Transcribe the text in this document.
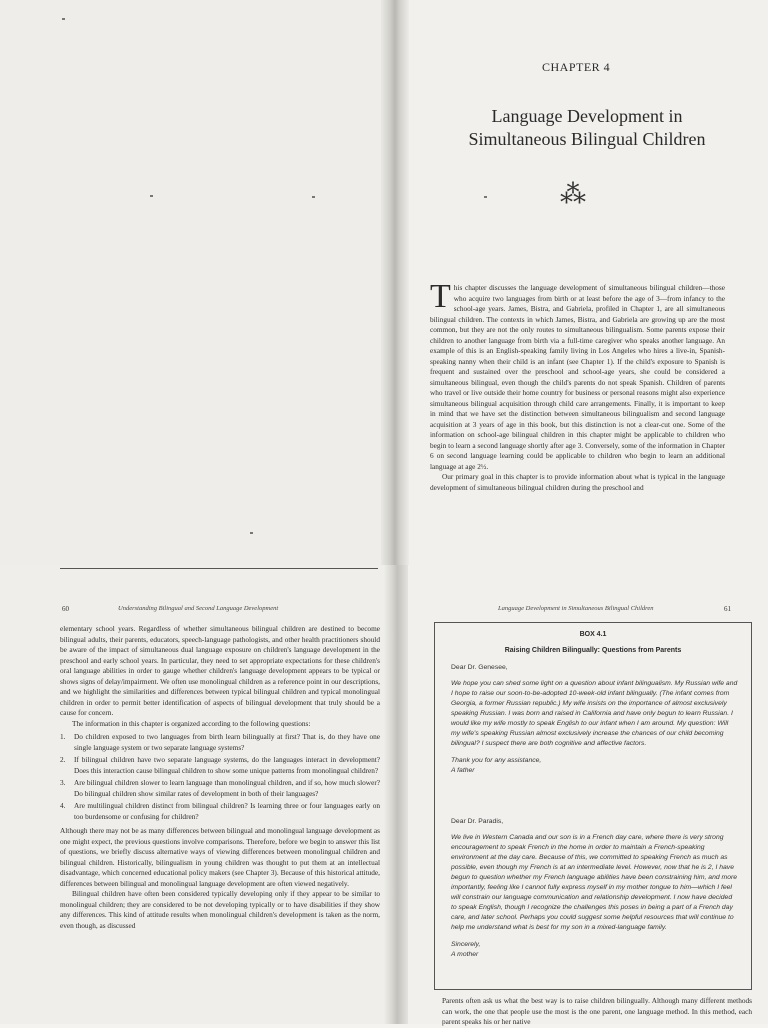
CHAPTER 4
Language Development in
Simultaneous Bilingual Children
⁂

This chapter discusses the language development of simultaneous bilingual children—those who acquire two languages from birth or at least before the age of 3—from infancy to the school-age years. James, Bistra, and Gabriela, profiled in Chapter 1, are all simultaneous bilingual children. The contexts in which James, Bistra, and Gabriela are growing up are the most common, but they are not the only routes to simultaneous bilingualism. Some parents expose their children to another language from birth via a full-time caregiver who speaks another language. An example of this is an English-speaking family living in Los Angeles who hires a live-in, Spanish-speaking nanny when their child is an infant (see Chapter 1). If the child's exposure to Spanish is frequent and sustained over the preschool and school-age years, she could be considered a simultaneous bilingual, even though the child's parents do not speak Spanish. Children of parents who travel or live outside their home country for business or personal reasons might also experience simultaneous bilingual acquisition through child care arrangements. Finally, it is important to keep in mind that we have set the distinction between simultaneous bilingualism and second language acquisition at 3 years of age in this book, but this distinction is not a clear-cut one. Some of the information on school-age bilingual children in this chapter might be applicable to children who begin to learn a second language shortly after age 3. Conversely, some of the information in Chapter 6 on second language learning could be applicable to children who begin to learn an additional language at age 2½.

Our primary goal in this chapter is to provide information about what is typical in the language development of simultaneous bilingual children during the preschool and

60	Understanding Bilingual and Second Language Development

elementary school years. Regardless of whether simultaneous bilingual children are destined to become bilingual adults, their parents, educators, speech-language pathologists, and other health practitioners should be aware of the impact of simultaneous dual language exposure on children's language development in the preschool and early school years. In particular, they need to set appropriate expectations for these children's oral language abilities in order to gauge whether children's language development appears to be typical or shows signs of delay/impairment. We often use monolingual children as a reference point in our descriptions, and we highlight the similarities and differences between typical bilingual children and typical monolingual children in order to permit better identification of aspects of bilingual development that truly should be a cause for concern.

The information in this chapter is organized according to the following questions:

1. Do children exposed to two languages from birth learn bilingually at first? That is, do they have one single language system or two separate language systems?
2. If bilingual children have two separate language systems, do the languages interact in development? Does this interaction cause bilingual children to show some unique patterns from monolingual children?
3. Are bilingual children slower to learn language than monolingual children, and if so, how much slower? Do bilingual children show similar rates of development in both of their languages?
4. Are multilingual children distinct from bilingual children? Is learning three or four languages early on too burdensome or confusing for children?

Although there may not be as many differences between bilingual and monolingual language development as one might expect, the previous questions involve comparisons. Therefore, before we begin to answer this list of questions, we briefly discuss alternative ways of viewing differences between monolingual children and bilingual children. Historically, bilingualism in young children was thought to put them at an intellectual disadvantage, which concerned educational policy makers (see Chapter 3). Because of this historical attitude, differences between bilingual and monolingual language development are often viewed negatively.

Bilingual children have often been considered typically developing only if they appear to be similar to monolingual children; they are considered to be not developing typically or to have disabilities if they show any differences. This kind of attitude results when monolingual children's development is taken as the norm, even though, as discussed

Language Development in Simultaneous Bilingual Children	61
BOX 4.1
Raising Children Bilingually: Questions from Parents

Dear Dr. Genesee,

We hope you can shed some light on a question about infant bilingualism. My Russian wife and I hope to raise our soon-to-be-adopted 10-week-old infant bilingually. (The infant comes from Georgia, a former Russian republic.) My wife insists on the importance of almost exclusively speaking Russian. I was born and raised in California and have only begun to learn Russian. I would like my wife mostly to speak English to our infant when I am around. My question: Will my wife's speaking Russian almost exclusively increase the chances of our child becoming bilingual? I suspect there are both cognitive and affective factors.

Thank you for any assistance,

A father

Dear Dr. Paradis,

We live in Western Canada and our son is in a French day care, where there is very strong encouragement to speak French in the home in order to maintain a French-speaking environment at the day care. Because of this, we committed to speaking French as much as possible, even though my French is at an intermediate level. However, now that he is 2, I have begun to question whether my French language abilities have been constraining him, and more importantly, feeling like I cannot fully express myself in my mother tongue to him—which I feel will constrain our language communication and relationship development. I now have decided to speak English, though I recognize the challenges this poses in being a part of a French day care, and later school. Perhaps you could suggest some helpful resources that will continue to help me understand what is best for my son in a mixed-language family.

Sincerely,

A mother

Parents often ask us what the best way is to raise children bilingually. Although many different methods can work, the one that people use the most is the one parent, one language method. In this method, each parent speaks his or her native
